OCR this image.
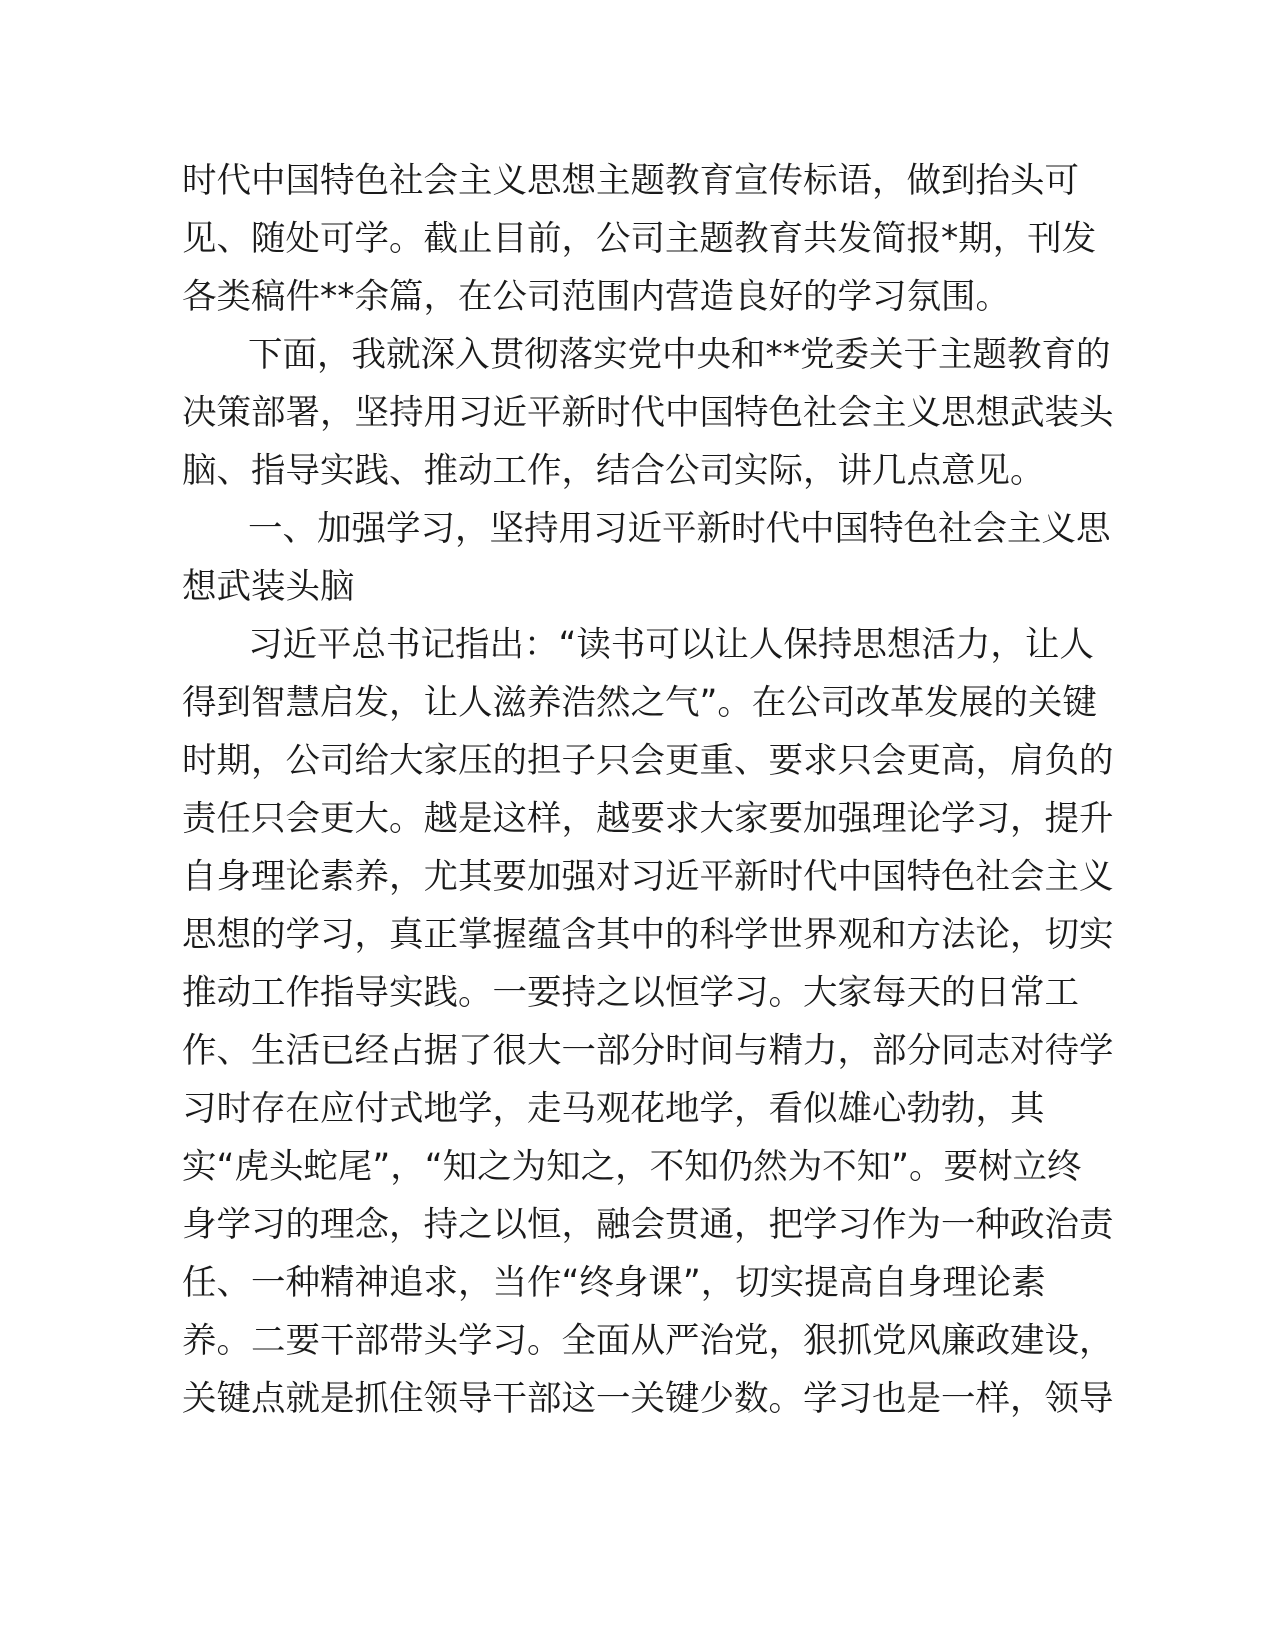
时代中国特色社会主义思想主题教育宣传标语，做到抬头可
见、随处可学。截止目前，公司主题教育共发简报*期，刊发
各类稿件**余篇，在公司范围内营造良好的学习氛围。
下面，我就深入贯彻落实党中央和**党委关于主题教育的
决策部署，坚持用习近平新时代中国特色社会主义思想武装头
脑、指导实践、推动工作，结合公司实际，讲几点意见。
一、加强学习，坚持用习近平新时代中国特色社会主义思
想武装头脑
习近平总书记指出：“读书可以让人保持思想活力，让人
得到智慧启发，让人滋养浩然之气”。在公司改革发展的关键
时期，公司给大家压的担子只会更重、要求只会更高，肩负的
责任只会更大。越是这样，越要求大家要加强理论学习，提升
自身理论素养，尤其要加强对习近平新时代中国特色社会主义
思想的学习，真正掌握蕴含其中的科学世界观和方法论，切实
推动工作指导实践。一要持之以恒学习。大家每天的日常工
作、生活已经占据了很大一部分时间与精力，部分同志对待学
习时存在应付式地学，走马观花地学，看似雄心勃勃，其
实“虎头蛇尾”，“知之为知之，不知仍然为不知”。要树立终
身学习的理念，持之以恒，融会贯通，把学习作为一种政治责
任、一种精神追求，当作“终身课”，切实提高自身理论素
养。二要干部带头学习。全面从严治党，狠抓党风廉政建设，
关键点就是抓住领导干部这一关键少数。学习也是一样，领导
